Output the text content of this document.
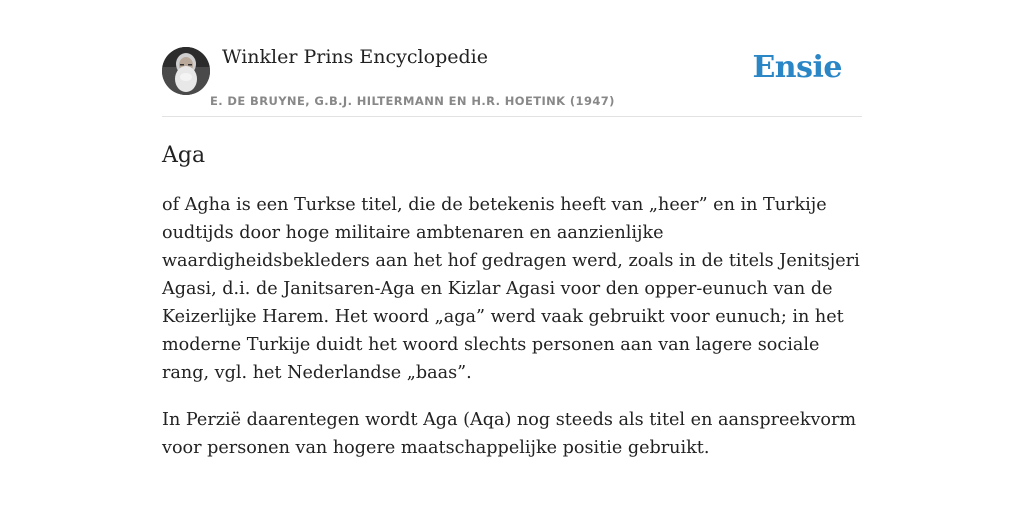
Winkler Prins Encyclopedie
E. DE BRUYNE, G.B.J. HILTERMANN EN H.R. HOETINK (1947)
Ensie
Aga

of Agha is een Turkse titel, die de betekenis heeft van „heer” en in Turkije oudtijds door hoge militaire ambtenaren en aanzienlijke waardigheidsbekleders aan het hof gedragen werd, zoals in de titels Jenitsjeri Agasi, d.i. de Janitsaren-Aga en Kizlar Agasi voor den opper-eunuch van de Keizerlijke Harem. Het woord „aga” werd vaak gebruikt voor eunuch; in het moderne Turkije duidt het woord slechts personen aan van lagere sociale rang, vgl. het Nederlandse „baas”.

In Perzië daarentegen wordt Aga (Aqa) nog steeds als titel en aanspreekvorm voor personen van hogere maatschappelijke positie gebruikt.
